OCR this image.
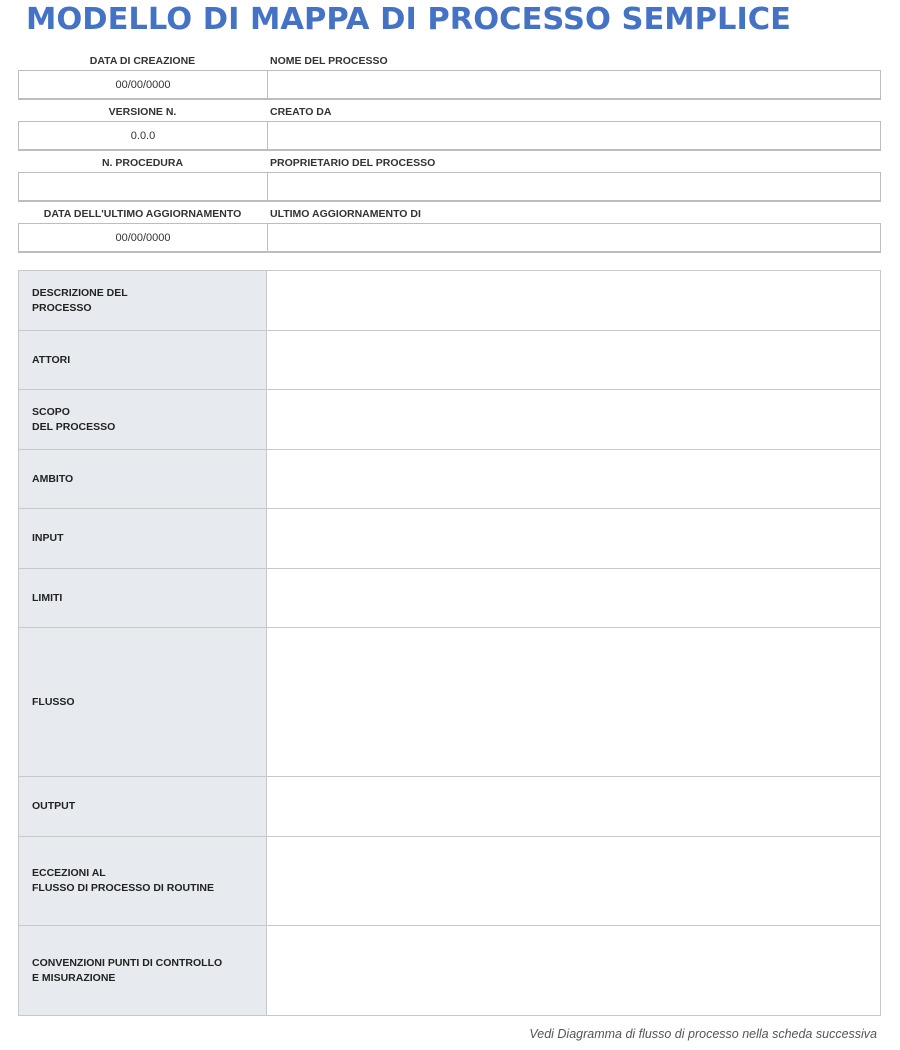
MODELLO DI MAPPA DI PROCESSO SEMPLICE
DATA DI CREAZIONE	NOME DEL PROCESSO
00/00/0000
VERSIONE N.	CREATO DA
0.0.0
N. PROCEDURA	PROPRIETARIO DEL PROCESSO
DATA DELL'ULTIMO AGGIORNAMENTO	ULTIMO AGGIORNAMENTO DI
00/00/0000
DESCRIZIONE DEL
PROCESSO
ATTORI
SCOPO
DEL PROCESSO
AMBITO
INPUT
LIMITI
FLUSSO
OUTPUT
ECCEZIONI AL
FLUSSO DI PROCESSO DI ROUTINE
CONVENZIONI PUNTI DI CONTROLLO
E MISURAZIONE
Vedi Diagramma di flusso di processo nella scheda successiva
